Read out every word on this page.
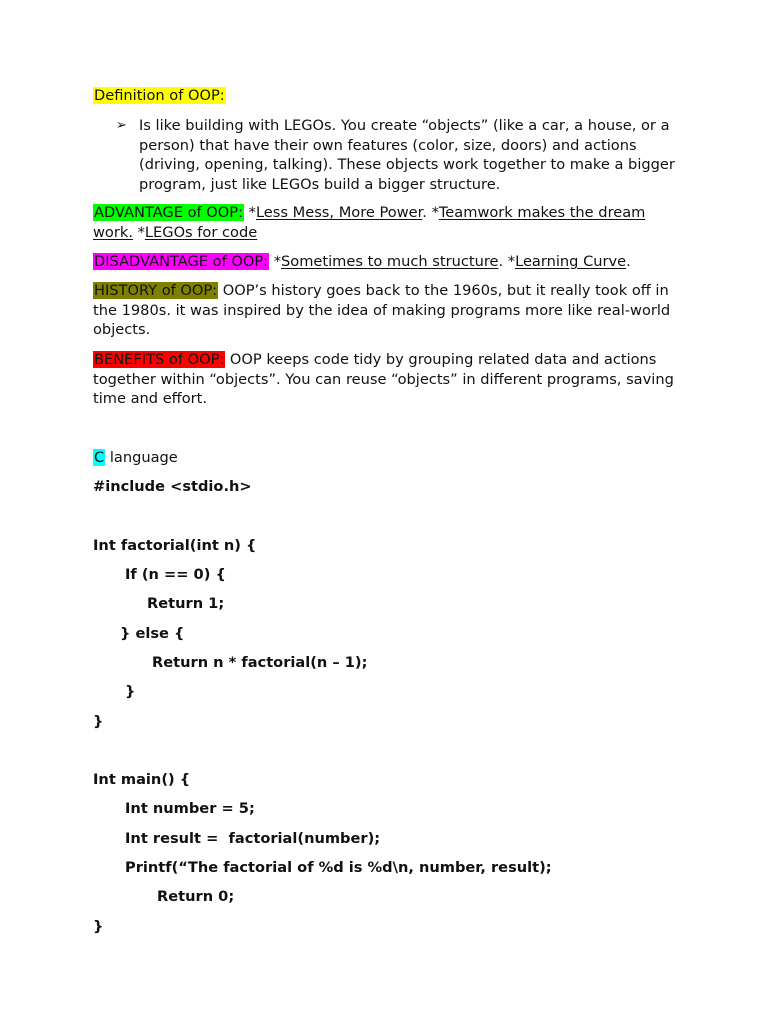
Definition of OOP:

➢ Is like building with LEGOs. You create “objects” (like a car, a house, or a person) that have their own features (color, size, doors) and actions (driving, opening, talking). These objects work together to make a bigger program, just like LEGOs build a bigger structure.

ADVANTAGE of OOP: *Less Mess, More Power. *Teamwork makes the dream work. *LEGOs for code

DISADVANTAGE of OOP: *Sometimes to much structure. *Learning Curve.

HISTORY of OOP: OOP’s history goes back to the 1960s, but it really took off in the 1980s. it was inspired by the idea of making programs more like real-world objects.

BENEFITS of OOP: OOP keeps code tidy by grouping related data and actions together within “objects”. You can reuse “objects” in different programs, saving time and effort.

C language

#include <stdio.h>

Int factorial(int n) {

If (n == 0) {

Return 1;

} else {

Return n * factorial(n – 1);

}

}

Int main() {

Int number = 5;

Int result =  factorial(number);

Printf(“The factorial of %d is %d\n, number, result);

Return 0;

}
